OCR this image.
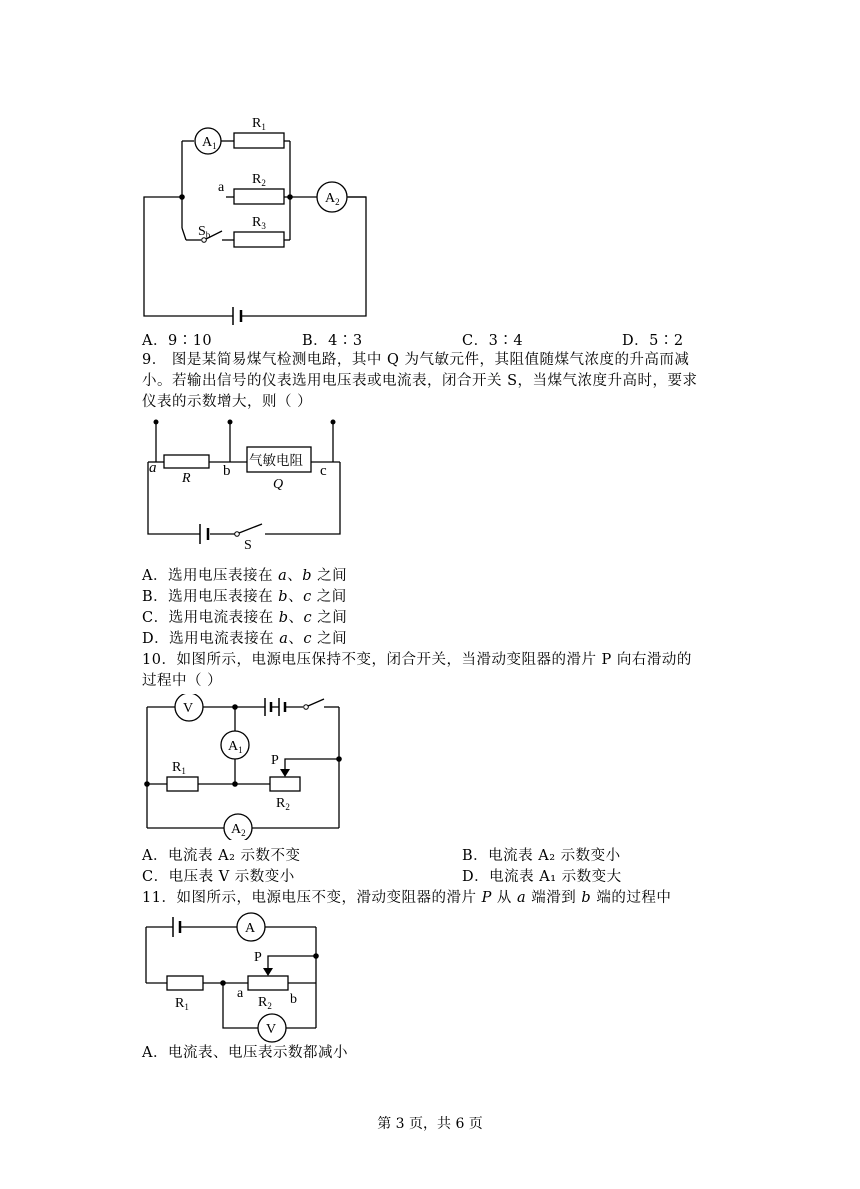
$A_1$
$R_1$
$R_2$
$R_3$
a
$A_2$
$S_b$
A．9∶10	B．4∶3	C．3∶4	D．5∶2
9． 图是某简易煤气检测电路，其中 Q 为气敏元件，其阻值随煤气浓度的升高而减
小。若输出信号的仪表选用电压表或电流表，闭合开关 S，当煤气浓度升高时，要求
仪表的示数增大，则（ ）
a
R b
气敏电阻
Q
c
S
A．选用电压表接在 a、b 之间
B．选用电压表接在 b、c 之间
C．选用电流表接在 b、c 之间
D．选用电流表接在 a、c 之间
10．如图所示，电源电压保持不变，闭合开关，当滑动变阻器的滑片 P 向右滑动的
过程中（ ）
V
$A_1$
$R_1$
P
$R_2$
$A_2$
A．电流表 A₂ 示数不变	B．电流表 A₂ 示数变小
C．电压表 V 示数变小	D．电流表 A₁ 示数变大
11．如图所示，电源电压不变，滑动变阻器的滑片 P 从 a 端滑到 b 端的过程中
A
P
$R_1$
a
$R_2$ b
V
A．电流表、电压表示数都减小
第 3 页，共 6 页
